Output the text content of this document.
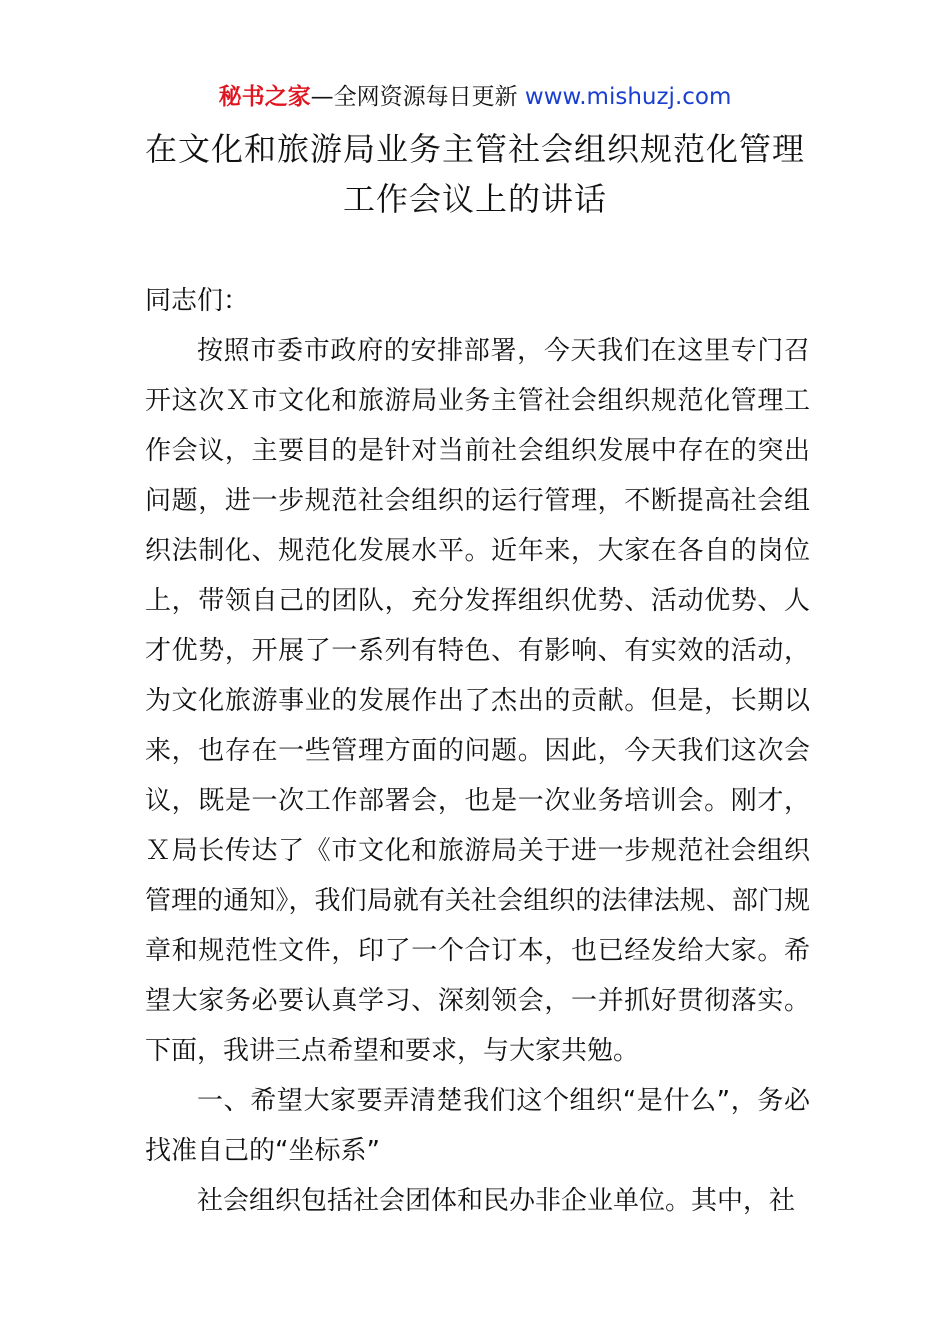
秘书之家—全网资源每日更新 www.mishuzj.com
在文化和旅游局业务主管社会组织规范化管理
工作会议上的讲话

同志们：

按照市委市政府的安排部署，今天我们在这里专门召开这次Ｘ市文化和旅游局业务主管社会组织规范化管理工作会议，主要目的是针对当前社会组织发展中存在的突出问题，进一步规范社会组织的运行管理，不断提高社会组织法制化、规范化发展水平。近年来，大家在各自的岗位上，带领自己的团队，充分发挥组织优势、活动优势、人才优势，开展了一系列有特色、有影响、有实效的活动，为文化旅游事业的发展作出了杰出的贡献。但是，长期以来，也存在一些管理方面的问题。因此，今天我们这次会议，既是一次工作部署会，也是一次业务培训会。刚才，Ｘ局长传达了《市文化和旅游局关于进一步规范社会组织管理的通知》，我们局就有关社会组织的法律法规、部门规章和规范性文件，印了一个合订本，也已经发给大家。希望大家务必要认真学习、深刻领会，一并抓好贯彻落实。下面，我讲三点希望和要求，与大家共勉。

一、希望大家要弄清楚我们这个组织“是什么”，务必找准自己的“坐标系”

社会组织包括社会团体和民办非企业单位。其中，社
